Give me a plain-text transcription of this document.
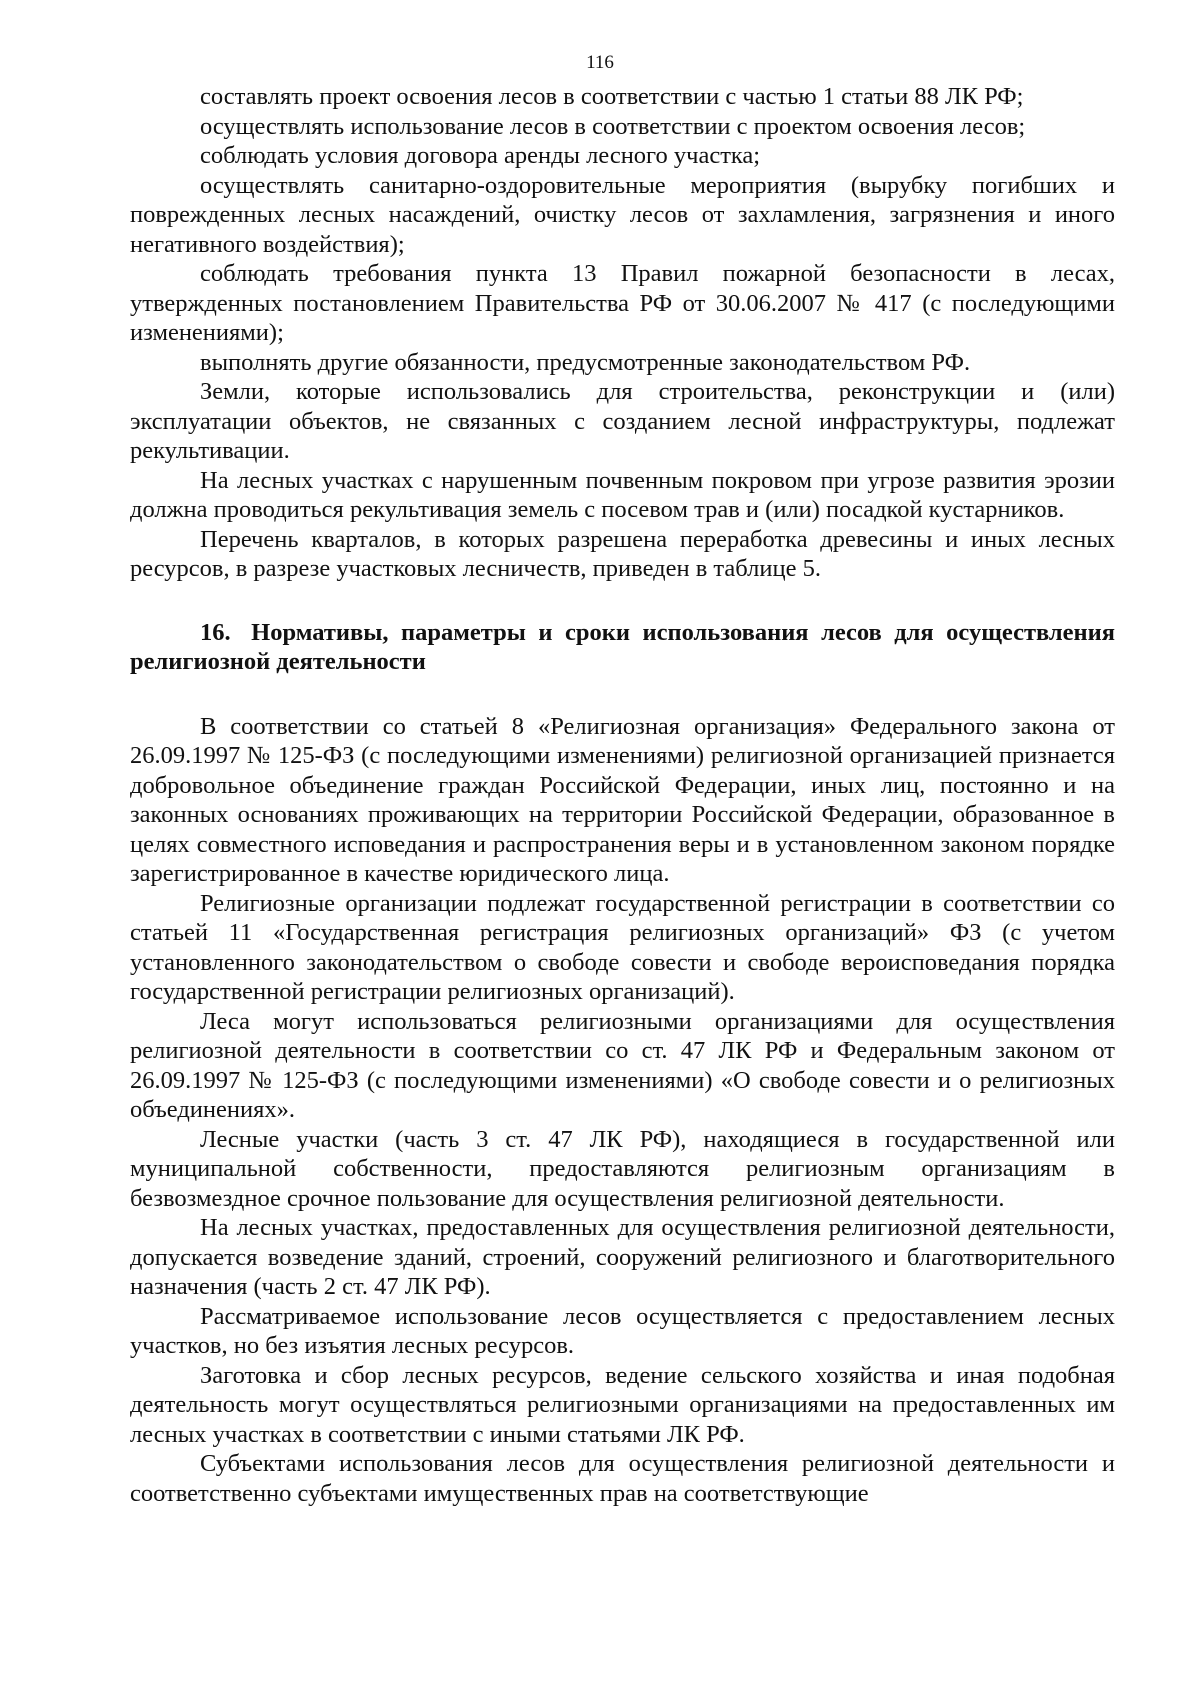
116

составлять проект освоения лесов в соответствии с частью 1 статьи 88 ЛК РФ;

осуществлять использование лесов в соответствии с проектом освоения лесов;

соблюдать условия договора аренды лесного участка;

осуществлять санитарно-оздоровительные мероприятия (вырубку погибших и поврежденных лесных насаждений, очистку лесов от захламления, загрязнения и иного негативного воздействия);

соблюдать требования пункта 13 Правил пожарной безопасности в лесах, утвержденных постановлением Правительства РФ от 30.06.2007 № 417 (с последующими изменениями);

выполнять другие обязанности, предусмотренные законодательством РФ.

Земли, которые использовались для строительства, реконструкции и (или) эксплуатации объектов, не связанных с созданием лесной инфраструктуры, подлежат рекультивации.

На лесных участках с нарушенным почвенным покровом при угрозе развития эрозии должна проводиться рекультивация земель с посевом трав и (или) посадкой кустарников.

Перечень кварталов, в которых разрешена переработка древесины и иных лесных ресурсов, в разрезе участковых лесничеств, приведен в таблице 5.

16. Нормативы, параметры и сроки использования лесов для осуществления религиозной деятельности

В соответствии со статьей 8 «Религиозная организация» Федерального закона от 26.09.1997 № 125-ФЗ (с последующими изменениями) религиозной организацией признается добровольное объединение граждан Российской Федерации, иных лиц, постоянно и на законных основаниях проживающих на территории Российской Федерации, образованное в целях совместного исповедания и распространения веры и в установленном законом порядке зарегистрированное в качестве юридического лица.

Религиозные организации подлежат государственной регистрации в соответствии со статьей 11 «Государственная регистрация религиозных организаций» ФЗ (с учетом установленного законодательством о свободе совести и свободе вероисповедания порядка государственной регистрации религиозных организаций).

Леса могут использоваться религиозными организациями для осуществления религиозной деятельности в соответствии со ст. 47 ЛК РФ и Федеральным законом от 26.09.1997 № 125-ФЗ (с последующими изменениями) «О свободе совести и о религиозных объединениях».

Лесные участки (часть 3 ст. 47 ЛК РФ), находящиеся в государственной или муниципальной собственности, предоставляются религиозным организациям в безвозмездное срочное пользование для осуществления религиозной деятельности.

На лесных участках, предоставленных для осуществления религиозной деятельности, допускается возведение зданий, строений, сооружений религиозного и благотворительного назначения (часть 2 ст. 47 ЛК РФ).

Рассматриваемое использование лесов осуществляется с предоставлением лесных участков, но без изъятия лесных ресурсов.

Заготовка и сбор лесных ресурсов, ведение сельского хозяйства и иная подобная деятельность могут осуществляться религиозными организациями на предоставленных им лесных участках в соответствии с иными статьями ЛК РФ.

Субъектами использования лесов для осуществления религиозной деятельности и соответственно субъектами имущественных прав на соответствующие
